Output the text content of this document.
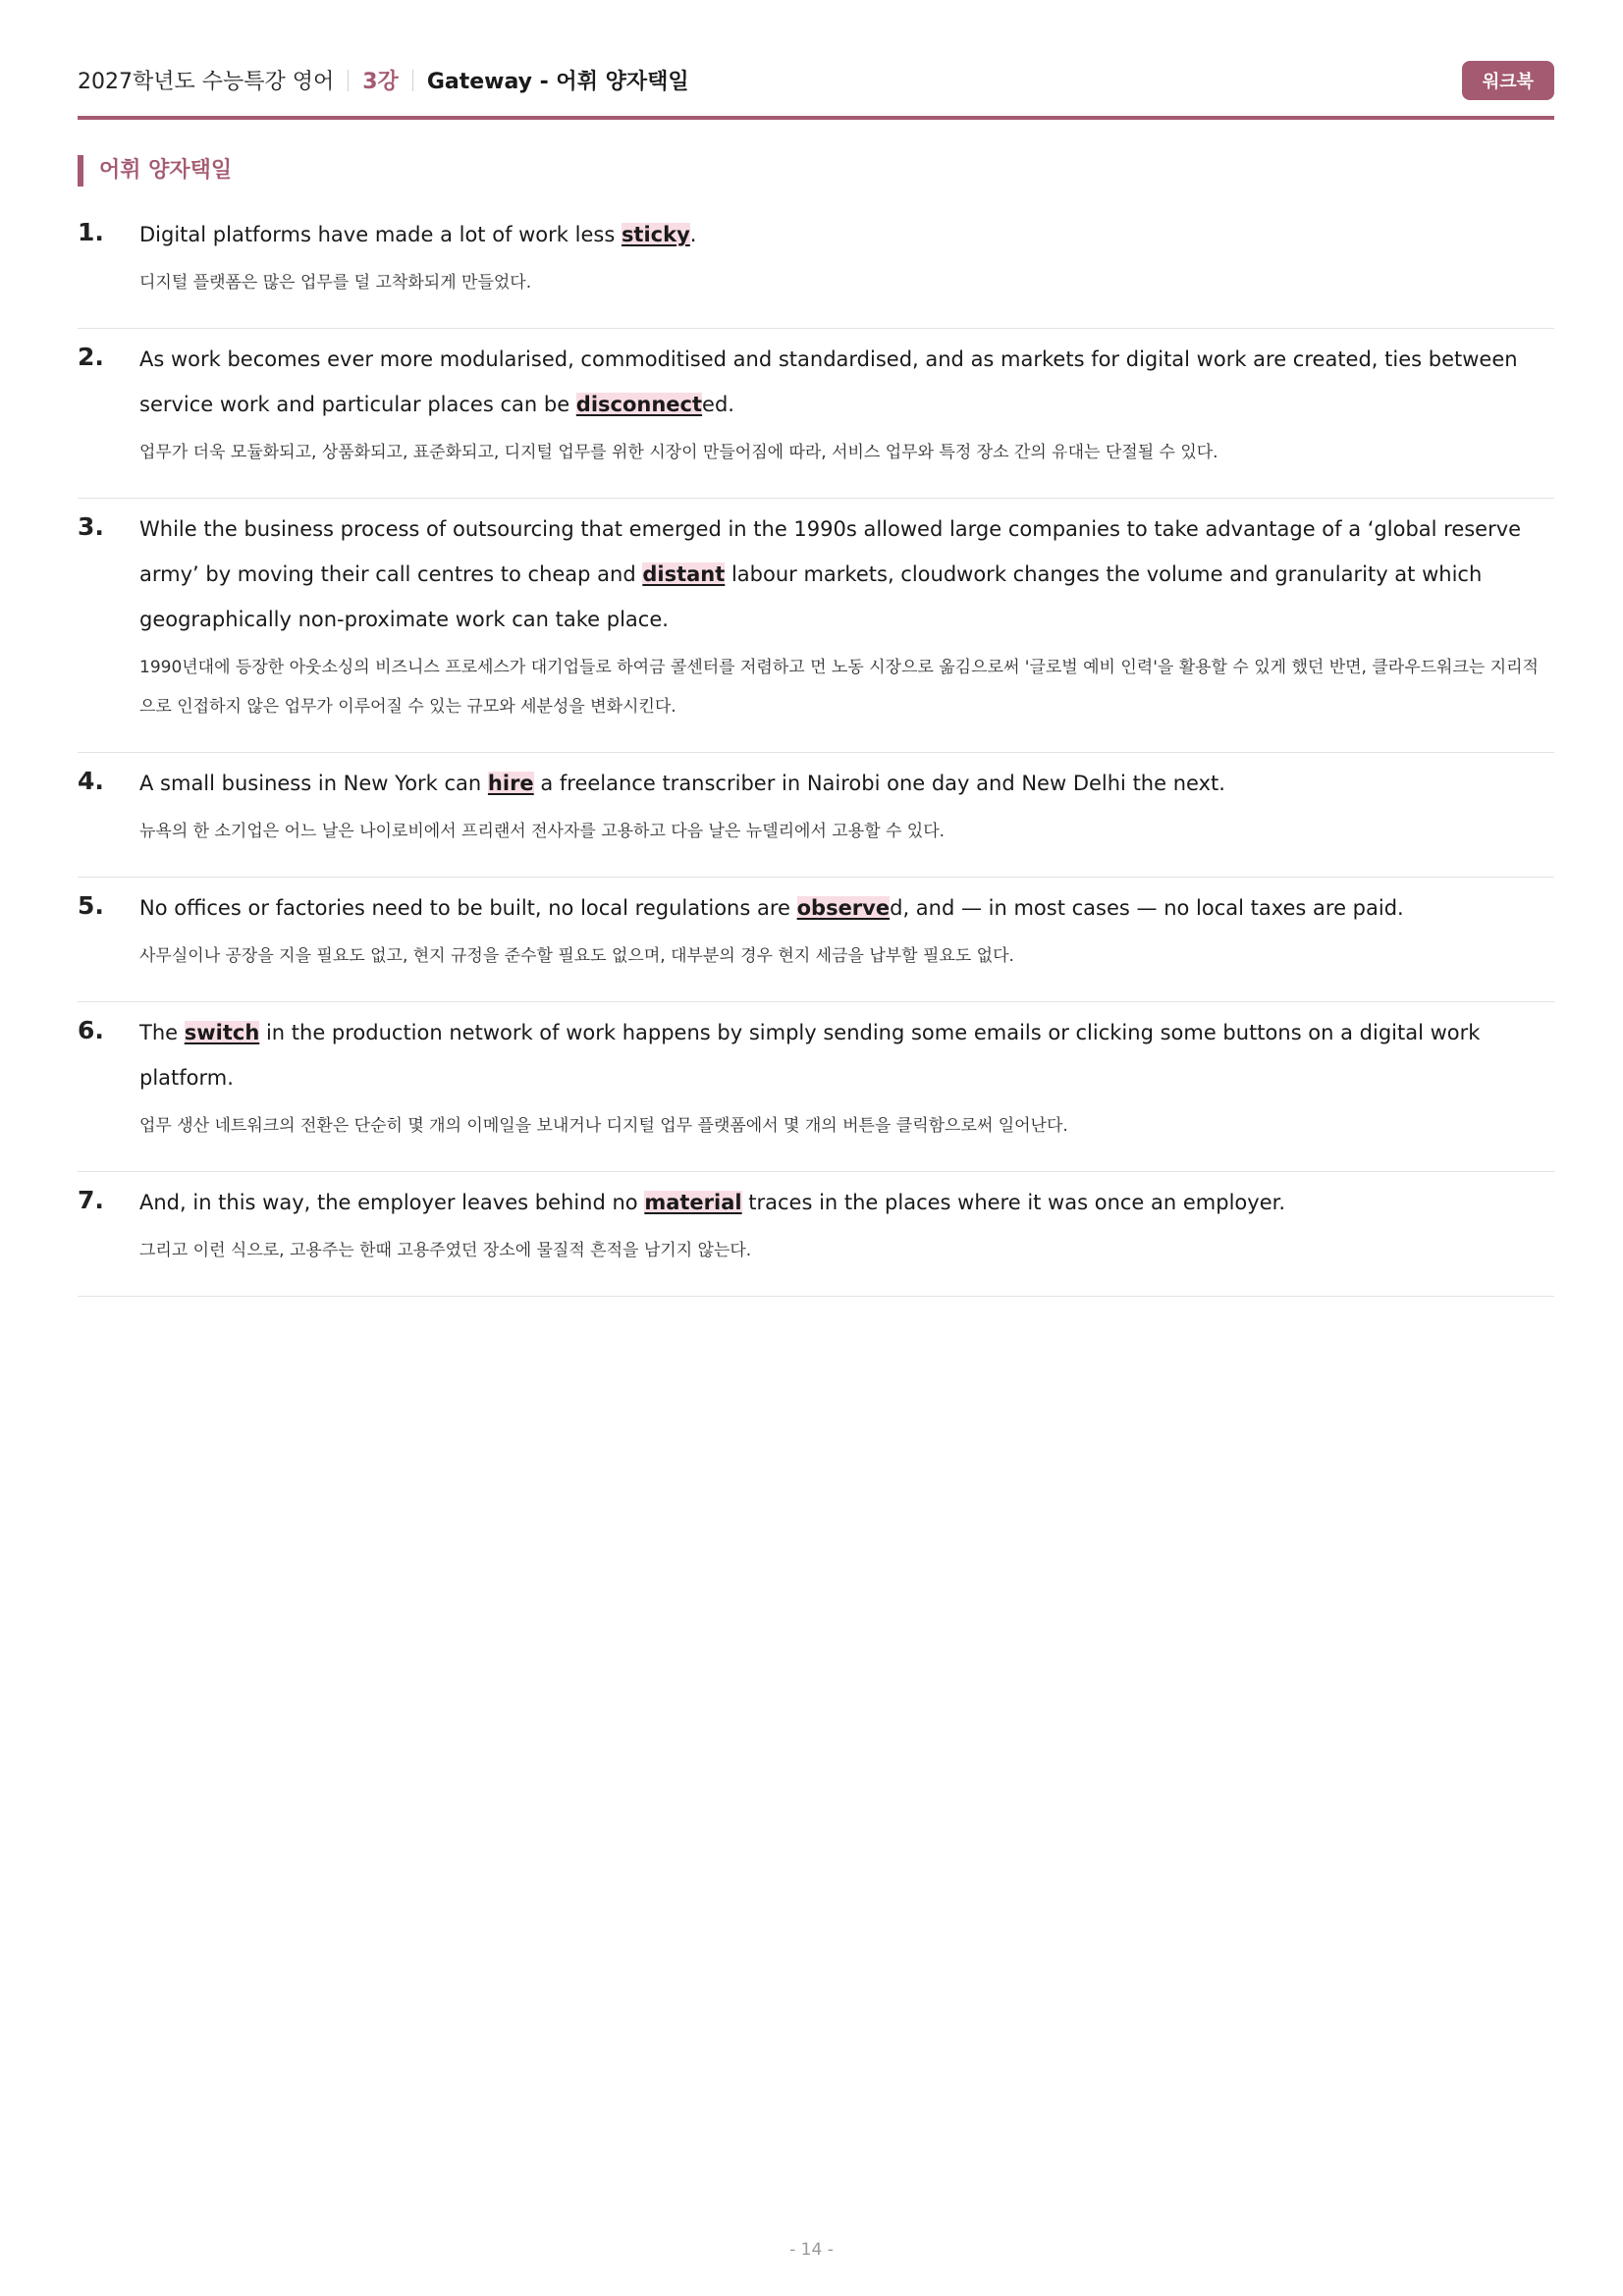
2027학년도 수능특강 영어 3강 Gateway - 어휘 양자택일	워크북
어휘 양자택일
1. Digital platforms have made a lot of work less sticky.
디지털 플랫폼은 많은 업무를 덜 고착화되게 만들었다.
2. As work becomes ever more modularised, commoditised and standardised, and as markets for digital work are created, ties between service work and particular places can be disconnected.
업무가 더욱 모듈화되고, 상품화되고, 표준화되고, 디지털 업무를 위한 시장이 만들어짐에 따라, 서비스 업무와 특정 장소 간의 유대는 단절될 수 있다.
3. While the business process of outsourcing that emerged in the 1990s allowed large companies to take advantage of a ‘global reserve army’ by moving their call centres to cheap and distant labour markets, cloudwork changes the volume and granularity at which geographically non-proximate work can take place.
1990년대에 등장한 아웃소싱의 비즈니스 프로세스가 대기업들로 하여금 콜센터를 저렴하고 먼 노동 시장으로 옮김으로써 '글로벌 예비 인력'을 활용할 수 있게 했던 반면, 클라우드워크는 지리적으로 인접하지 않은 업무가 이루어질 수 있는 규모와 세분성을 변화시킨다.
4. A small business in New York can hire a freelance transcriber in Nairobi one day and New Delhi the next.
뉴욕의 한 소기업은 어느 날은 나이로비에서 프리랜서 전사자를 고용하고 다음 날은 뉴델리에서 고용할 수 있다.
5. No offices or factories need to be built, no local regulations are observed, and — in most cases — no local taxes are paid.
사무실이나 공장을 지을 필요도 없고, 현지 규정을 준수할 필요도 없으며, 대부분의 경우 현지 세금을 납부할 필요도 없다.
6. The switch in the production network of work happens by simply sending some emails or clicking some buttons on a digital work platform.
업무 생산 네트워크의 전환은 단순히 몇 개의 이메일을 보내거나 디지털 업무 플랫폼에서 몇 개의 버튼을 클릭함으로써 일어난다.
7. And, in this way, the employer leaves behind no material traces in the places where it was once an employer.
그리고 이런 식으로, 고용주는 한때 고용주였던 장소에 물질적 흔적을 남기지 않는다.
- 14 -
